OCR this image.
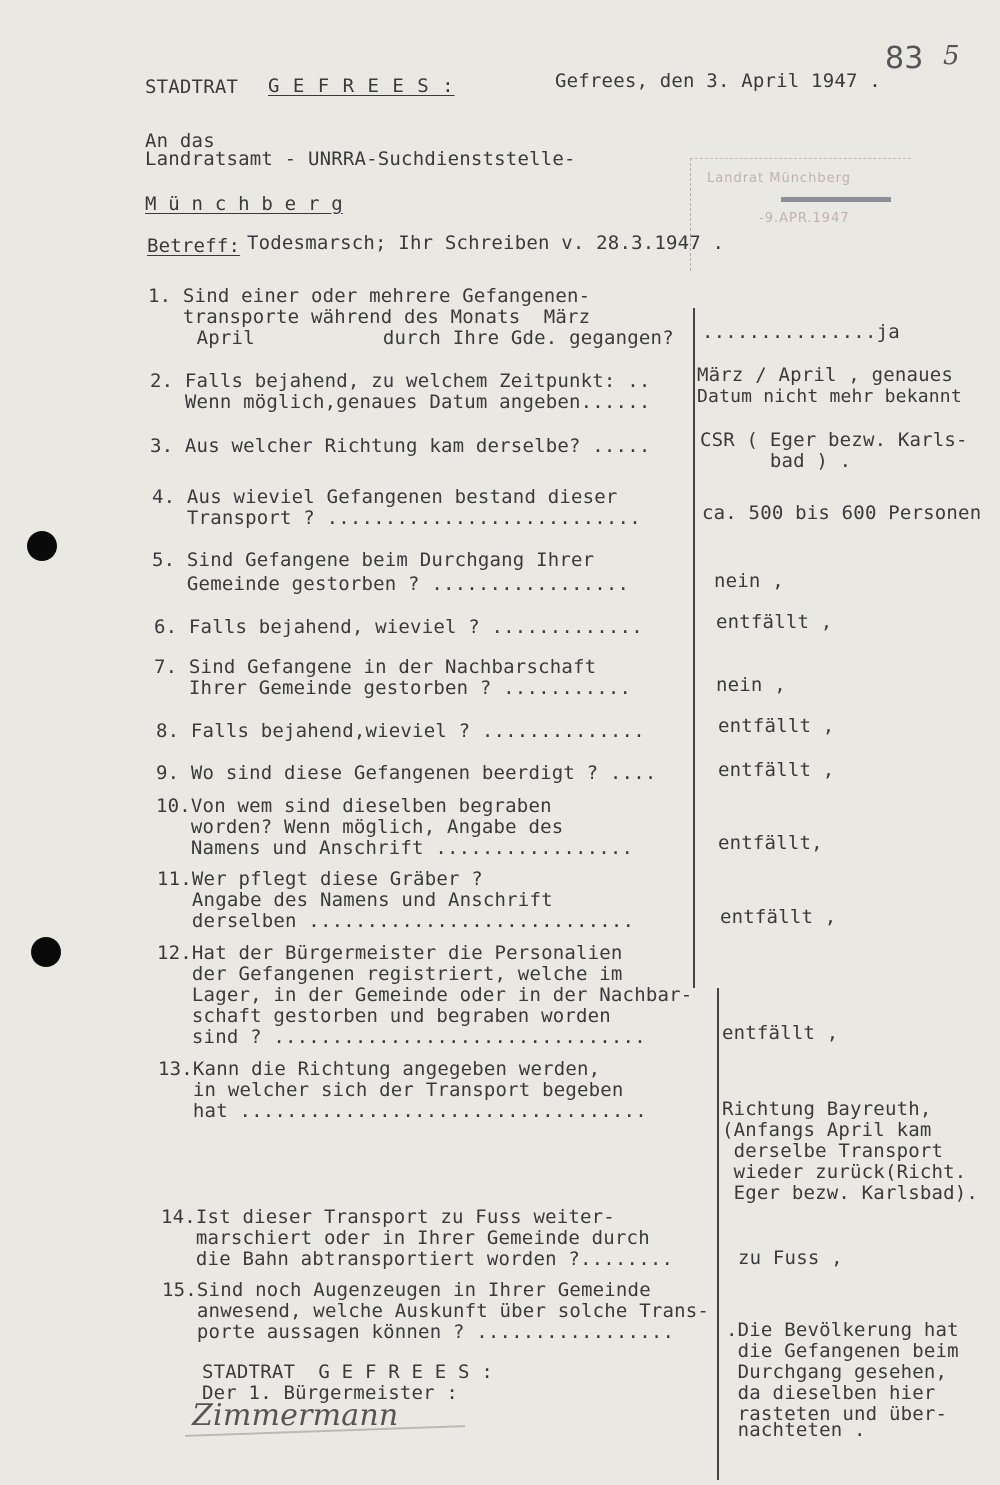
STADTRAT G E F R E E S :	Gefrees, den 3. April 1947 .
83 5
An das
Landratsamt - UNRRA-Suchdienststelle-
M ü n c h b e r g
Landrat Münchberg
-9.APR.1947
Betreff: Todesmarsch; Ihr Schreiben v. 28.3.1947 .
1. Sind einer oder mehrere Gefangenen-
transporte während des Monats  März
April           durch Ihre Gde. gegangen? ...............ja
2. Falls bejahend, zu welchem Zeitpunkt: ..
Wenn möglich,genaues Datum angeben......
März / April , genaues
Datum nicht mehr bekannt
3. Aus welcher Richtung kam derselbe? .....	CSR ( Eger bezw. Karls-
bad ) .
4. Aus wieviel Gefangenen bestand dieser
Transport ? ...........................	ca. 500 bis 600 Personen
5. Sind Gefangene beim Durchgang Ihrer
Gemeinde gestorben ? .................	nein ,
6. Falls bejahend, wieviel ? .............	entfällt ,
7. Sind Gefangene in der Nachbarschaft
Ihrer Gemeinde gestorben ? ...........	nein ,
8. Falls bejahend,wieviel ? ..............	entfällt ,
9. Wo sind diese Gefangenen beerdigt ? ....	entfällt ,
10.Von wem sind dieselben begraben
worden? Wenn möglich, Angabe des
Namens und Anschrift .................	entfällt,
11.Wer pflegt diese Gräber ?
Angabe des Namens und Anschrift
derselben ............................	entfällt ,
12.Hat der Bürgermeister die Personalien
der Gefangenen registriert, welche im
Lager, in der Gemeinde oder in der Nachbar-
schaft gestorben und begraben worden
sind ? ................................	entfällt ,
13.Kann die Richtung angegeben werden,
in welcher sich der Transport begeben
hat ...................................	Richtung Bayreuth,
(Anfangs April kam
derselbe Transport
wieder zurück(Richt.
Eger bezw. Karlsbad).
14.Ist dieser Transport zu Fuss weiter-
marschiert oder in Ihrer Gemeinde durch
die Bahn abtransportiert worden ?........	zu Fuss ,
15.Sind noch Augenzeugen in Ihrer Gemeinde
anwesend, welche Auskunft über solche Trans-
porte aussagen können ? .................	.Die Bevölkerung hat
die Gefangenen beim
Durchgang gesehen,
da dieselben hier
rasteten und über-
nachteten .
STADTRAT  G E F R E E S :
Der 1. Bürgermeister :
Zimmermann
